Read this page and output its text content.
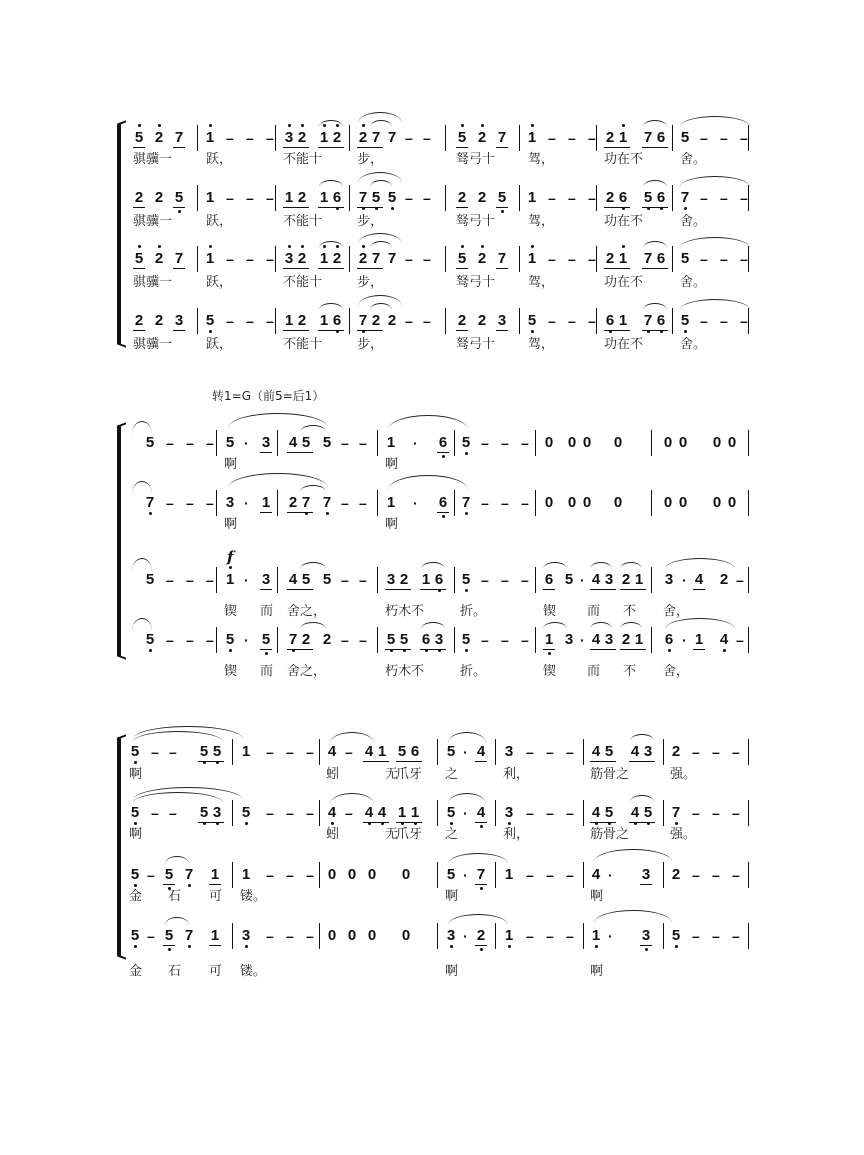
5 2 7 1 – – – 3 2 1 2 2 7 7 – – 5 2 7 1 – – – 2 1 7 6 5 – – –
骐骥一	跃，	不能十	步，	驽弓十	驾，	功在不	舍。
2 2 5 1 – – – 1 2 1 6 7 5 5 – – 2 2 5 1 – – – 2 6 5 6 7 – – –
骐骥一	跃，	不能十	步，	驽弓十	驾，	功在不	舍。
5 2 7 1 – – – 3 2 1 2 2 7 7 – – 5 2 7 1 – – – 2 1 7 6 5 – – –
骐骥一	跃，	不能十	步，	驽弓十	驾，	功在不	舍。
2 2 3 5 – – – 1 2 1 6 7 2 2 – – 2 2 3 5 – – – 6 1 7 6 5 – – –
骐骥一	跃，	不能十	步，	驽弓十	驾，	功在不	舍。
转1=G（前5=后1）
5 – – – 5 · 3 4 5 5 – – 1 · 6 5 – – – 0 0 0 0	0 0 0 0
7 – – – 3 · 1 2 7 7 – – 1 · 6 7 – – – 0 0 0 0	0 0 0 0
5 – – – 1 · 3 4 5 5
f
– – 3 2 1 6 5 – – – 6 5 · 4 3 2 1 3 · 4 2 –
5 – – – 5 · 5 7 2 2 – – 5 5 6 3 5 – – – 1 3 · 4 3 2 1 6 · 1 4 –
啊	啊
啊	啊
锲 而 舍之，	朽木不	折。	锲 而 不 舍，
锲 而 舍之，	朽木不	折。	锲 而 不 舍，
5 – – 5 5 1 – – – 4 – 4 1 5 6 5 · 4 3 – – – 4 5 4 3 2 – – –
啊	蚓	无
爪牙 之	利，	筋骨之	强。
5 – – 5 3 5 – – – 4 – 4 4 1 1 5 · 4 3 – – – 4 5 4 5 7 – – –
啊	蚓	无
爪牙 之	利，	筋骨之	强。
5 – 5 7 1 1 – – – 0 0 0 0 5 · 7 1 – – – 4 · 3 2 – – –
金 石 可 镂。	啊	啊
5 – 5 7 1 3 – – – 0 0 0 0 3 · 2 1 – – – 1 · 3 5 – – –
金 石 可 镂。	啊	啊
